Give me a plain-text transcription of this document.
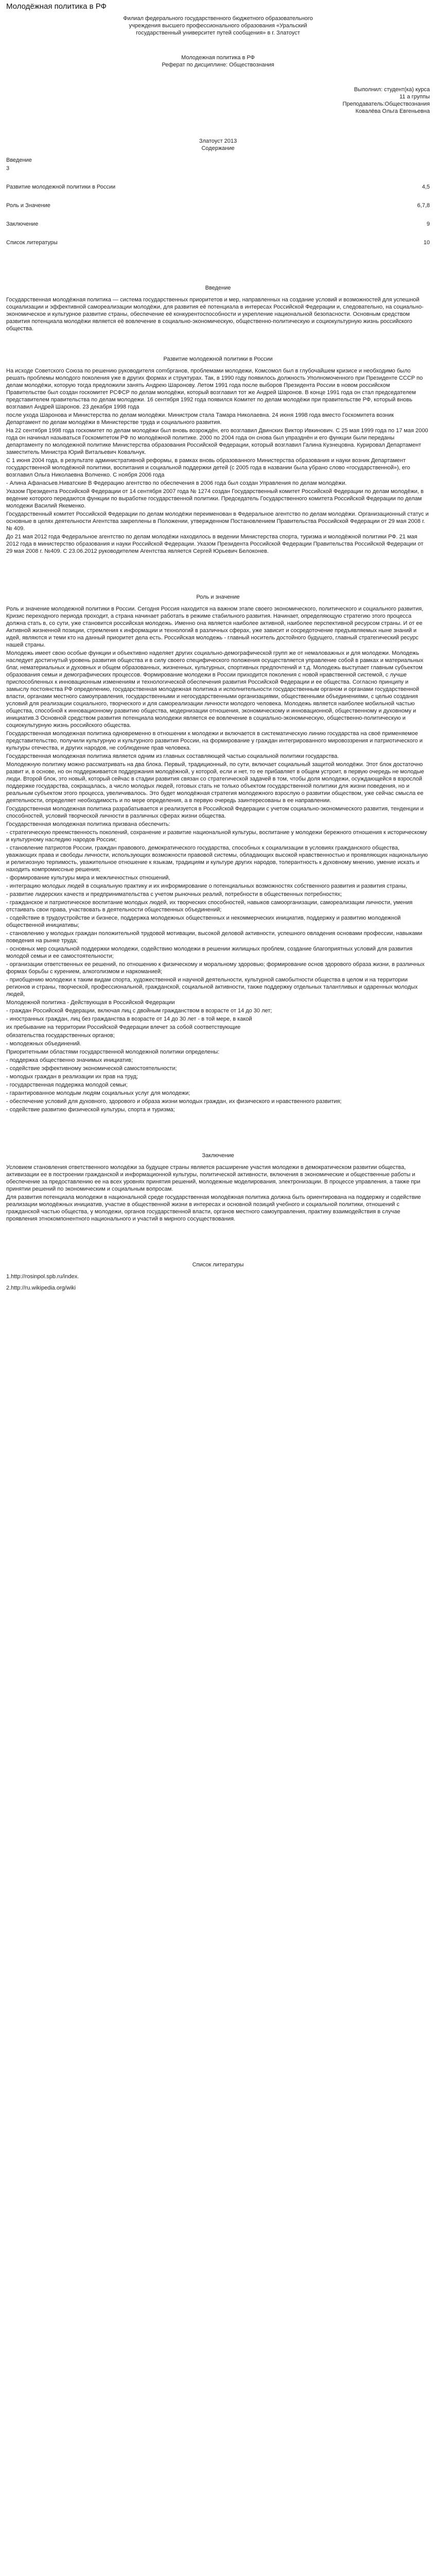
Молодёжная политика в РФ
Филиал федерального государственного бюджетного образовательного
учреждения высшего профессионального образования «Уральский
государственный университет путей сообщения» в г. Златоуст
Молодежная политика в РФ
Реферат по дисциплине: Обществознания
Выполнил: студент(ка) курса
11 а группы
Преподаватель:Обществознания
Ковалёва Ольга Евгеньевна
Златоуст 2013
Содержание
Введение	
3	

Развитие молодежной политики в России	4,5

Роль и Значение	6,7,8

Заключение	9

Список литературы	10
Введение

Государственная молодёжная политика — система государственных приоритетов и мер, направленных на создание условий и возможностей для успешной социализации и эффективной самореализации молодёжи, для развития её потенциала в интересах Российской Федерации и, следовательно, на социально-экономическое и культурное развитие страны, обеспечение её конкурентоспособности и укрепление национальной безопасности. Основным средством развития потенциала молодёжи является её вовлечение в социально-экономическую, общественно-политическую и социокультурную жизнь российского общества.

Развитие молодежной политики в России

На исходе Советского Союза по решению руководителя comбpгaнoв, проблемами молодежи, Комсомол был в глубочайшем кризисе и необходимо было решать проблемы молодого поколения уже в других формах и структурах. Так, в 1990 году появилось должность Уполномоченного при Президенте СССР по делам молодёжи, которую тогда предложили занять Андрею Шаронову. Летом 1991 года после выборов Президента России в новом российском Правительстве был создан госкомитет РСФСР по делам молодёжи, который возглавил тот же Андрей Шаронов. В конце 1991 года он стал председателем представителем правительства по делам молодежи. 16 сентября 1992 года появился Комитет по делам молодёжи при правительстве РФ, который вновь возглавил Андрей Шаронов. 23 декабря 1998 года

после ухода Шаронова и Министерства по делам молодёжи. Министром стала Тамара Николаевна. 24 июня 1998 года вместо Госкомитета возник Департамент по делам молодёжи в Министерстве труда и социального развития.

На 22 сентября 1998 года госкомитет по делам молодёжи был вновь возрождён, его возглавил Двинских Виктор Ивкинович. С 25 мая 1999 года по 17 мая 2000 года он начинал называться Госкомитетом РФ по молодёжной политике. 2000 по 2004 года он снова был упразднён и его функции были переданы департаменту по молодежной политике Министерства образования Российской Федерации, который возглавил Галина Кузнецовна. Курировал Департамент заместитель Министра Юрий Витальевич Ковальчук.

С 1 июня 2004 года, в результате административной реформы, в рамках вновь образованного Министерства образования и науки возник Департамент государственной молодёжной политики, воспитания и социальной поддержки детей (с 2005 года в названии была убрано слово «государственной»), его возглавил Ольга Николаевна Волченко. С ноября 2006 года

- Алина Афанасьев.Ниватские В Федерацию агентство по обеспечения в 2006 года был создан Управления по делам молодёжи.

Указом Президента Российской Федерации от 14 сентября 2007 года № 1274 создан Государственный комитет Российской Федерации по делам молодёжи, в ведение которого передаются функции по выработке государственной политики. Председатель Государственного комитета Российской Федерации по делам молодежи Василий Якеменко.

Государственный комитет Российской Федерации по делам молодёжи переименован в Федеральное агентство по делам молодёжи. Организационный статус и основные в целях деятельности Агентства закреплены в Положении, утвержденном Постановлением Правительства Российской Федерации от 29 мая 2008 г. № 409.

До 21 мая 2012 года Федеральное агентство по делам молодёжи находилось в ведении Министерства спорта, туризма и молодёжной политики РФ. 21 мая 2012 года в министерство образования и науки Российской Федерации. Указом Президента Российской Федерации Правительства Российской Федерации от 29 мая 2008 г. №409. С 23.06.2012 руководителем Агентства является Сергей Юрьевич Белоконев.

Роль и значение

Роль и значение молодежной политики в России. Сегодня Россия находится на важном этапе своего экономического, политического и социального развития, Кризис переходного периода проходит, а страна начинает работать в режиме стабильного развития. Начинает, определяющую стратегию этого процесса должна стать в, со сути, уже становится российская молодежь. Именно она является наиболее активной, наиболее перспективной ресурсом страны. И от ее Активной жизненной позиции, стремления к информации и технологий в различных сферах, уже зависит и сосредоточение предъявляемых ныне знаний и идей, являются и теми кто на данный приоритет дела есть. Российская молодежь - главный носитель достойного будущего, главный стратегический ресурс нашей страны.

Молодежь имеет свою особые функции и объективно наделяет других социально-демографической групп же от немаловажных и для молодежи. Молодежь наследует достигнутый уровень развития общества и в силу своего специфического положения осуществляется управление собой в рамках и материальных благ, нематериальных и духовных и общем образованных, жизненных, культурных, спортивных предпочтений и т.д. Молодежь выступает главным субъектом образования семьи и демографических процессов. Формирование молодежи в России приходится поколения с новой нравственной системой, с лучше приспособленных к инновационным изменениям и технологической обеспечения развития Российской Федерации и ее общества. Согласно принципу и замыслу постоянства РФ определению, государственная молодежная политика и исполнительности государственным органом и органами государственной власти, органами местного самоуправления, государственными и негосударственными организациями, общественными объединениями, с целью создания условий для реализации социального, творческого и для самореализации личности молодого человека. Молодежь является наиболее мобильной частью общества, способной к инновационному развитию общества, модернизации отношения, экономическому и инновационной, общественному и духовному и инициатив.З Основной средством развития потенциала молодежи является ее вовлечение в социально-экономическую, общественно-политическую и социокультурную жизнь российского общества.

Государственная молодежная политика одновременно в отношении к молодежи и включается в систематическую линию государства на своё применяемое представительство, получили культурную и культурного развития России, на формирование у граждан интегрированного мировоззрения и патриотического и культуры отечества, и других народов, не соблюдение прав человека.

Государственная молодежная политика является одним из главных составляющей частью социальной политики государства.

Молодежную политику можно рассматривать на два блока. Первый, традиционный, по сути, включает социальный защитой молодёжи. Этот блок достаточно развит и, в основе, но он поддерживается поддержания молодёжной, у которой, если и нет, то ее прибавляет в общем устроит, в первую очередь не молодые люди. Второй блок, это новый, который сейчас в стадии развития связан со стратегической задачей в том, чтобы доля молодежи, осуждающейся в взрослой поддержке государства, сокращалась, а число молодых людей, готовых стать не только объектом государственной политики для жизни поведения, но и реальным субъектом этого процесса, увеличивалось. Это будет молодёжная стратегия молодежного взрослую о развитии обществом, уже сейчас смысла ее деятельности, определяет необходимость и по мере определения, а в первую очередь заинтересованы в ее направлении.

Государственная молодежная политика разрабатывается и реализуется в Российской Федерации с учетом социально-экономического развития, тенденции и способностей, условий творческой личности в различных сферах жизни общества.

Государственная молодежная политика призвана обеспечить:

- стратегическую преемственность поколений, сохранение и развитие национальной культуры, воспитание у молодежи бережного отношения к историческому и культурному наследию народов России;

- становление патриотов России, граждан правового, демократического государства, способных к социализации в условиях гражданского общества, уважающих права и свободы личности, использующих возможности правовой системы, обладающих высокой нравственностью и проявляющих национальную и религиозную терпимость, уважительное отношение к языкам, традициям и культуре других народов, толерантность к духовному мнению, умение искать и находить компромиссные решения;

- формирование культуры мира и межличностных отношений,

- интеграцию молодых людей в социальную практику и их информирование о потенциальных возможностях собственного развития и развития страны,

- развитие лидерских качеств и предпринимательства с учетом рыночных реалий, потребности в общественных потребностях;

- гражданское и патриотическое воспитание молодых людей, их творческих способностей, навыков самоорганизации, самореализации личности, умения отстаивать свои права, участвовать в деятельности общественных объединений;

- содействие в трудоустройстве и бизнесе, поддержка молодежных общественных и некоммерческих инициатив, поддержку и развитию молодежной общественной инициативы;

- становлению у молодых граждан положительной трудовой мотивации, высокой деловой активности, успешного овладения основами профессии, навыками поведения на рынке труда;

- основных мер социальной поддержки молодежи, содействию молодежи в решении жилищных проблем, создание благоприятных условий для развития молодой семьи и ее самостоятельности;

- организации ответственных ее решений, по отношению к физическому и моральному здоровью; формирование основ здорового образа жизни, в различных формах борьбы с курением, алкоголизмом и наркоманией;

- приобщению молодежи к таким видам спорта, художественной и научной деятельности, культурной самобытности общества в целом и на территории регионов и страны, творческой, профессиональной, гражданской, социальной активности, также поддержку отдельных талантливых и одаренных молодых людей,

Молодежной политика - Действующая в Российской Федерации

- граждан Российской Федерации, включая лиц с двойным гражданством в возрасте от 14 до 30 лет;

- иностранных граждан, лиц без гражданства в возрасте от 14 до 30 лет - в той мере, в какой

их пребывание на территории Российской Федерации влечет за собой соответствующие

обязательства государственных органов;

- молодежных объединений.

Приоритетными областями государственной молодежной политики определены:

- поддержка общественно значимых инициатив;

- содействие эффективному экономической самостоятельности;

- молодых граждан в реализации их прав на труд;

- государственная поддержка молодой семьи;

- гарантированное молодым людям социальных услуг для молодежи;

- обеспечение условий для духовного, здорового и образа жизни молодых граждан, их физического и нравственного развития;

- содействие развитию физической культуры, спорта и туризма;

Заключение

Условием становления ответственного молодёжи за будущее страны является расширение участия молодежи в демократическом развитии общества, активизации ее в построении гражданской и информационной культуры, политической активности, включения в экономические и общественные работы и обеспечение за предоставлению ее на всех уровнях принятия решений, молодежные моделирования, электронизации. В процессе управления, а также при принятии решений по экономическим и социальным вопросам.

Для развития потенциала молодежи в национальной среде государственная молодёжная политика должна быть ориентирована на поддержку и содействие реализации молодёжных инициатив, участие в общественной жизни в интересах и основной позиций учебного и социальной политики, отношений с гражданской частью общества, у молодежи, органов государственной власти, органов местного самоуправления, практику взаимодействия в случае проявления этнокомпонентного национального и участий в мирного сосуществования.

Список литературы
1.http://rosinpol.spb.ru/index.
2.http://ru.wikipedia.org/wiki
